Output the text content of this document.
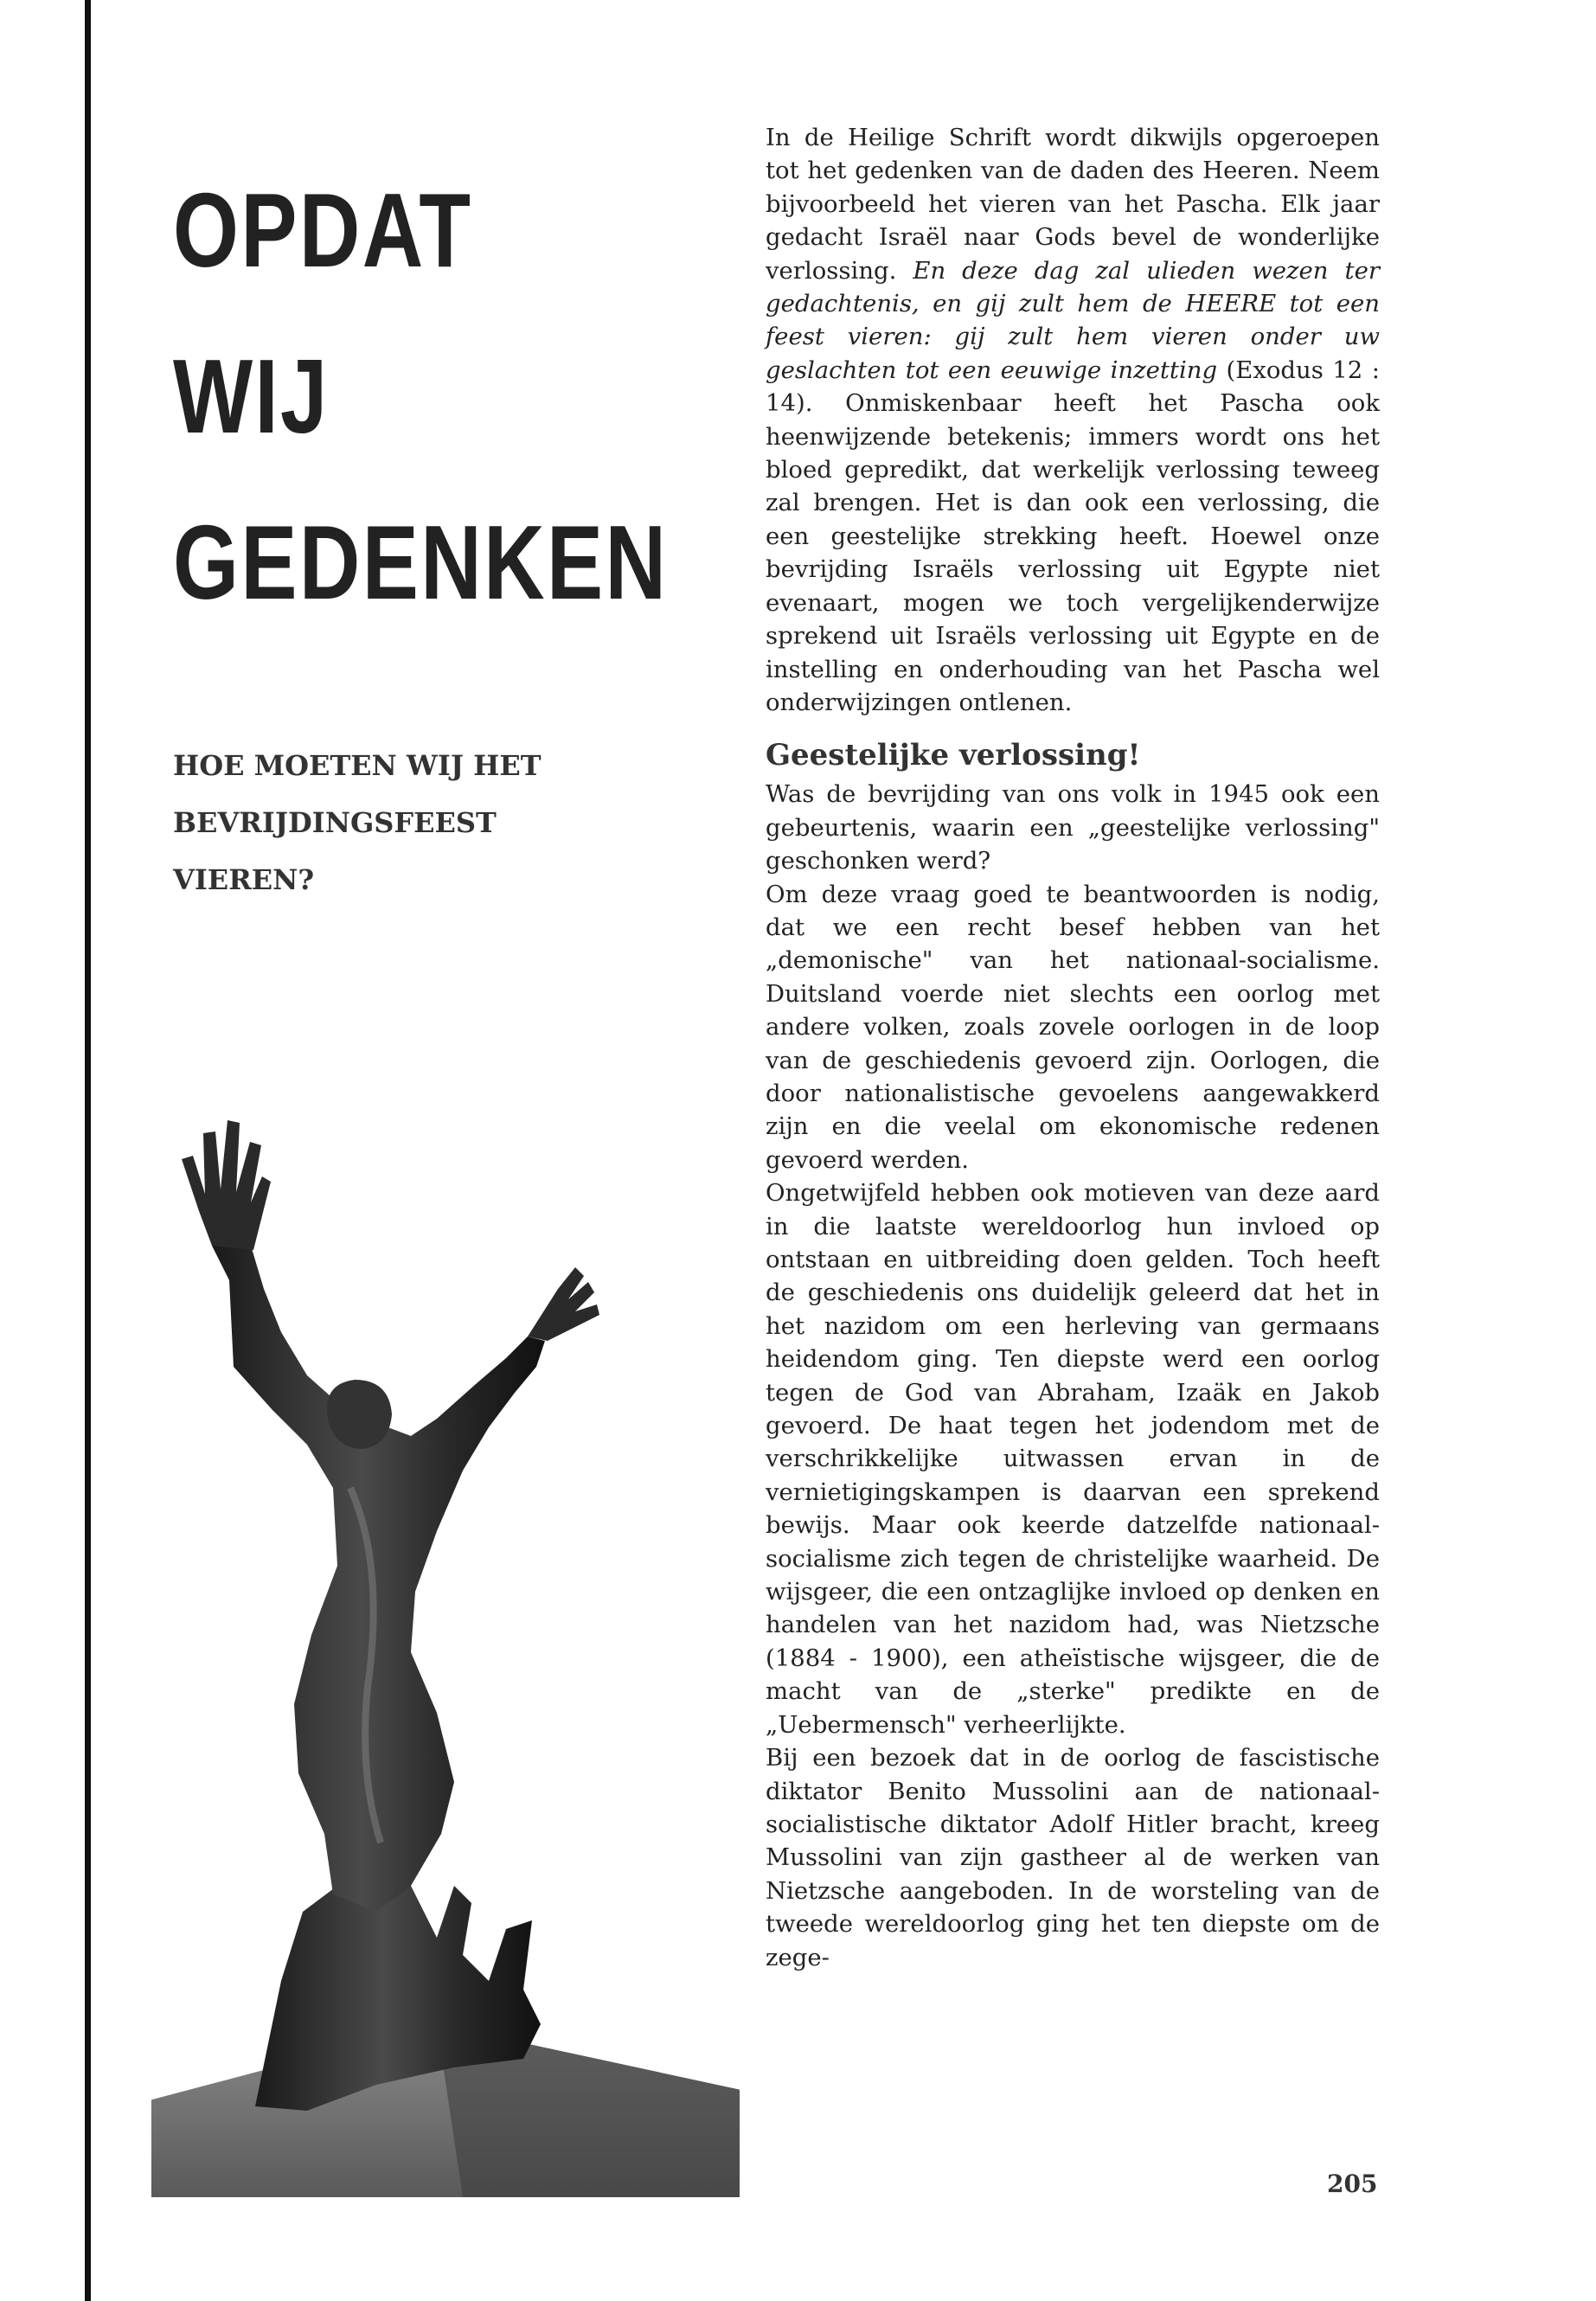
OPDAT
WIJ
GEDENKEN
HOE MOETEN WIJ HET
BEVRIJDINGSFEEST
VIEREN?

In de Heilige Schrift wordt dikwijls opgeroepen tot het gedenken van de daden des Heeren. Neem bijvoorbeeld het vieren van het Pascha. Elk jaar gedacht Israël naar Gods bevel de wonderlijke verlossing. En deze dag zal ulieden wezen ter gedachtenis, en gij zult hem de HEERE tot een feest vieren: gij zult hem vieren onder uw geslachten tot een eeuwige inzetting (Exodus 12 : 14). Onmiskenbaar heeft het Pascha ook heenwijzende betekenis; immers wordt ons het bloed gepredikt, dat werkelijk verlossing teweeg zal brengen. Het is dan ook een verlossing, die een geestelijke strekking heeft. Hoewel onze bevrijding Israëls verlossing uit Egypte niet evenaart, mogen we toch vergelijkenderwijze sprekend uit Israëls verlossing uit Egypte en de instelling en onderhouding van het Pascha wel onderwijzingen ontlenen.

Geestelijke verlossing!

Was de bevrijding van ons volk in 1945 ook een gebeurtenis, waarin een „geestelijke verlossing" geschonken werd?

Om deze vraag goed te beantwoorden is nodig, dat we een recht besef hebben van het „demonische" van het nationaal-socialisme. Duitsland voerde niet slechts een oorlog met andere volken, zoals zovele oorlogen in de loop van de geschiedenis gevoerd zijn. Oorlogen, die door nationalistische gevoelens aangewakkerd zijn en die veelal om ekonomische redenen gevoerd werden.

Ongetwijfeld hebben ook motieven van deze aard in die laatste wereldoorlog hun invloed op ontstaan en uitbreiding doen gelden. Toch heeft de geschiedenis ons duidelijk geleerd dat het in het nazidom om een herleving van germaans heidendom ging. Ten diepste werd een oorlog tegen de God van Abraham, Izaäk en Jakob gevoerd. De haat tegen het jodendom met de verschrikkelijke uitwassen ervan in de vernietigingskampen is daarvan een sprekend bewijs. Maar ook keerde datzelfde nationaal-socialisme zich tegen de christelijke waarheid. De wijsgeer, die een ontzaglijke invloed op denken en handelen van het nazidom had, was Nietzsche (1884 - 1900), een atheïstische wijsgeer, die de macht van de „sterke" predikte en de „Uebermensch" verheerlijkte.

Bij een bezoek dat in de oorlog de fascistische diktator Benito Mussolini aan de nationaal-socialistische diktator Adolf Hitler bracht, kreeg Mussolini van zijn gastheer al de werken van Nietzsche aangeboden. In de worsteling van de tweede wereldoorlog ging het ten diepste om de zege-

205
